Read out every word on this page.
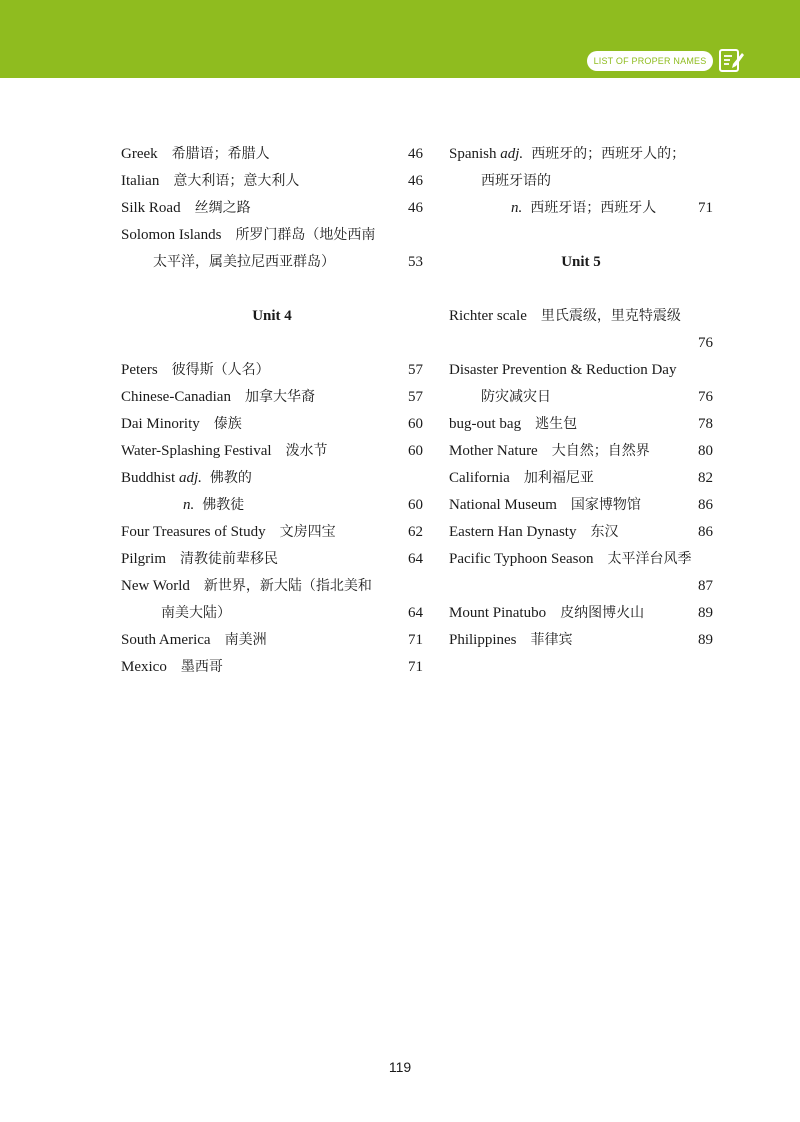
LIST OF PROPER NAMES
Greek 希腊语；希腊人	46
Italian 意大利语；意大利人	46
Silk Road 丝绸之路	46
Solomon Islands 所罗门群岛（地处西南
太平洋，属美拉尼西亚群岛）	53
Unit 4
Peters 彼得斯（人名）	57
Chinese-Canadian 加拿大华裔	57
Dai Minority 傣族	60
Water-Splashing Festival 泼水节	60
Buddhist adj. 佛教的
n. 佛教徒	60
Four Treasures of Study 文房四宝	62
Pilgrim 清教徒前辈移民	64
New World 新世界，新大陆（指北美和
南美大陆）	64
South America 南美洲	71
Mexico 墨西哥	71
Spanish adj. 西班牙的；西班牙人的；
西班牙语的
n. 西班牙语；西班牙人	71
Unit 5
Richter scale 里氏震级，里克特震级
76
Disaster Prevention & Reduction Day
防灾减灾日	76
bug-out bag 逃生包	78
Mother Nature 大自然；自然界	80
California 加利福尼亚	82
National Museum 国家博物馆	86
Eastern Han Dynasty 东汉	86
Pacific Typhoon Season 太平洋台风季
87
Mount Pinatubo 皮纳图博火山	89
Philippines 菲律宾	89
119
